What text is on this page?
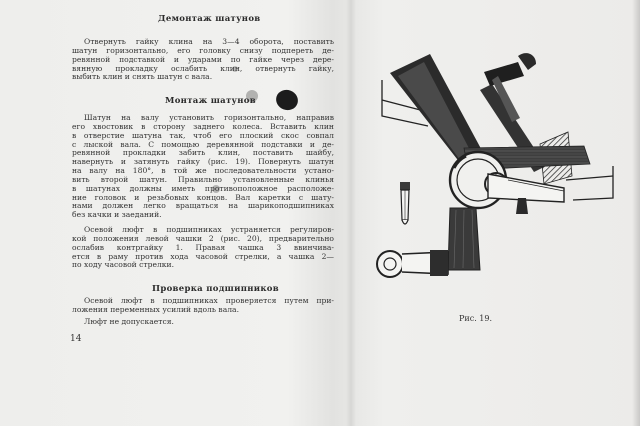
Демонтаж шатунов
Отвернуть гайку клина на 3—4 оборота, поставить
шатун горизонтально, его головку снизу подпереть де-
ревянной подставкой и ударами по гайке через дере-
вянную прокладку ослабить клин, отвернуть гайку,
выбить клин и снять шатун с вала.
Монтаж шатунов
Шатун на валу установить горизонтально, направив
его хвостовик в сторону заднего колеса. Вставить клин
в отверстие шатуна так, чтоб его плоский скос совпал
с лыской вала. С помощью деревянной подставки и де-
ревянной прокладки забить клин, поставить шайбу,
навернуть и затянуть гайку (рис. 19). Повернуть шатун
на валу на 180°, в той же последовательности устано-
вить второй шатун. Правильно установленные клинья
в шатунах должны иметь противоположное расположе-
ние головок и резьбовых концов. Вал каретки с шату-
нами должен легко вращаться на шарикоподшипниках
без качки и заеданий.
Осевой люфт в подшипниках устраняется регулиров-
кой положения левой чашки 2 (рис. 20), предварительно
ослабив контргайку 1. Правая чашка 3 ввинчива-
ется в раму против хода часовой стрелки, а чашка 2—
по ходу часовой стрелки.
Проверка подшипников
Осевой люфт в подшипниках проверяется путем при-
ложения переменных усилий вдоль вала.
Люфт не допускается.
14
Рис. 19.
